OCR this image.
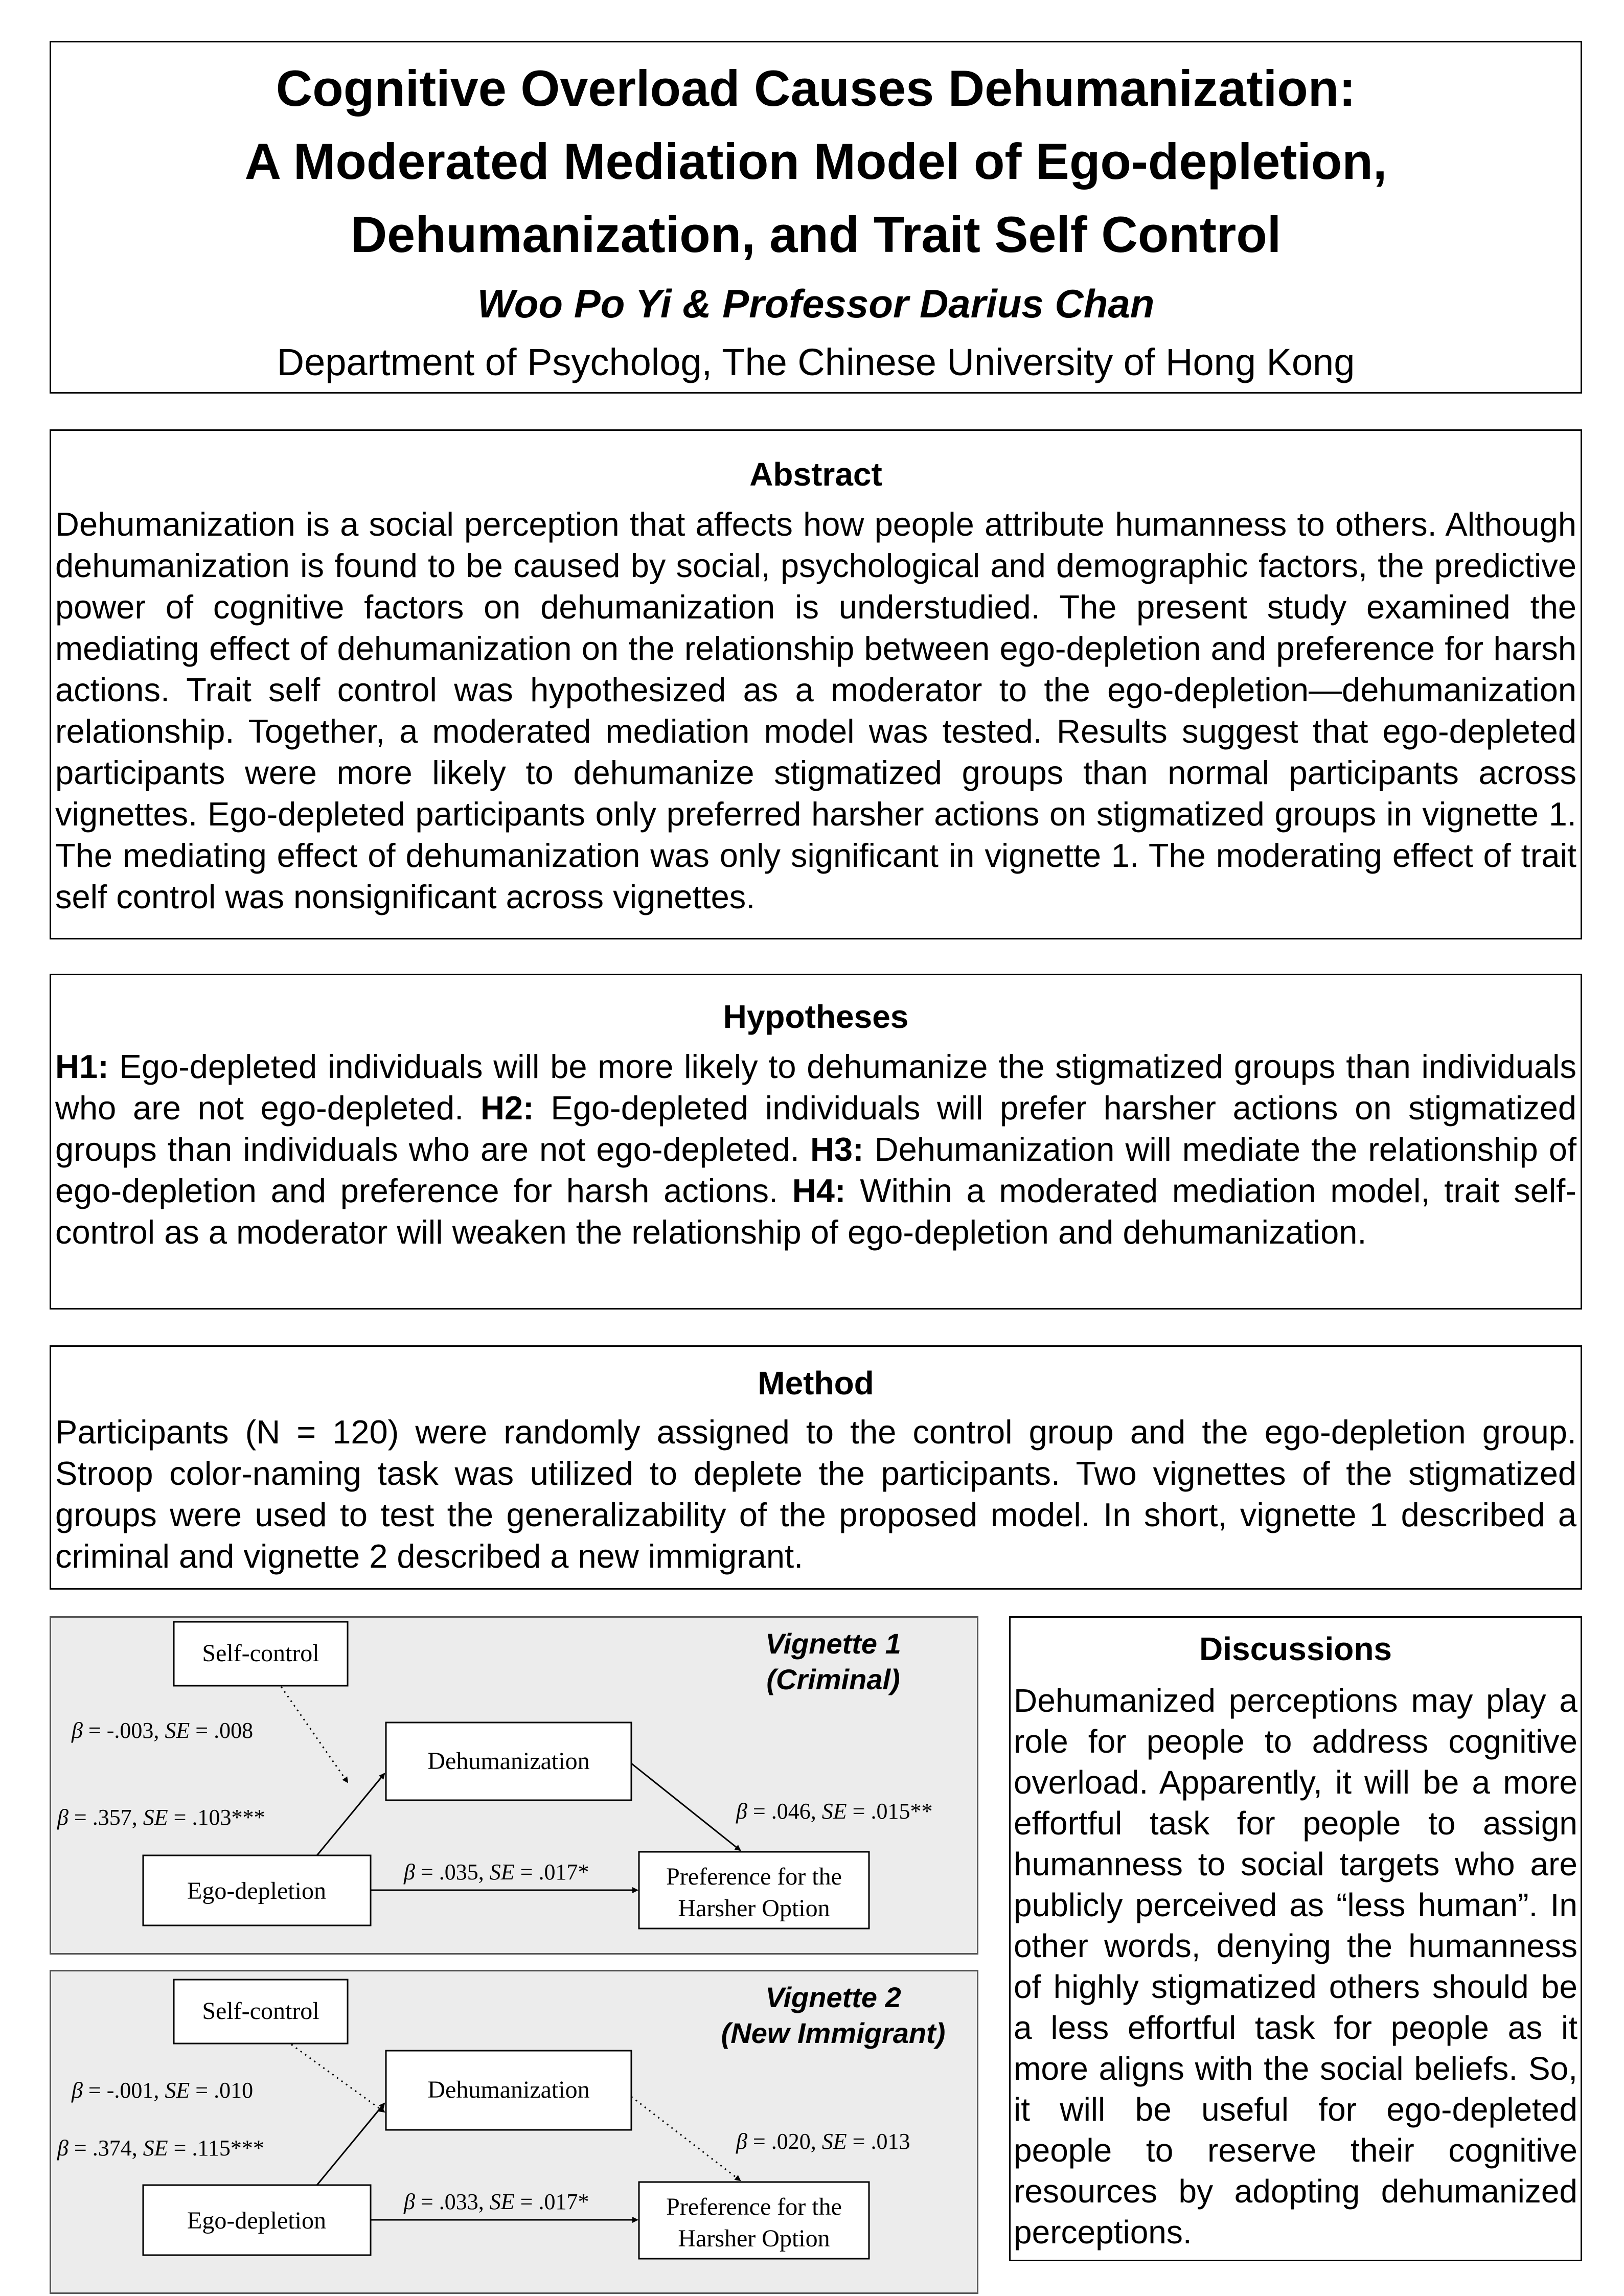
Cognitive Overload Causes Dehumanization:
A Moderated Mediation Model of Ego-depletion,
Dehumanization, and Trait Self Control
Woo Po Yi & Professor Darius Chan
Department of Psycholog, The Chinese University of Hong Kong
Abstract
Dehumanization is a social perception that affects how people attribute humanness to others. Although dehumanization is found to be caused by social, psychological and demographic factors, the predictive power of cognitive factors on dehumanization is understudied. The present study examined the mediating effect of dehumanization on the relationship between ego-depletion and preference for harsh actions. Trait self control was hypothesized as a moderator to the ego-depletion—dehumanization relationship. Together, a moderated mediation model was tested. Results suggest that ego-depleted participants were more likely to dehumanize stigmatized groups than normal participants across vignettes. Ego-depleted participants only preferred harsher actions on stigmatized groups in vignette 1. The mediating effect of dehumanization was only significant in vignette 1. The moderating effect of trait self control was nonsignificant across vignettes.
Hypotheses
H1: Ego-depleted individuals will be more likely to dehumanize the stigmatized groups than individuals who are not ego-depleted. H2: Ego-depleted individuals will prefer harsher actions on stigmatized groups than individuals who are not ego-depleted. H3: Dehumanization will mediate the relationship of ego-depletion and preference for harsh actions. H4: Within a moderated mediation model, trait self-control as a moderator will weaken the relationship of ego-depletion and dehumanization.
Method
Participants (N = 120) were randomly assigned to the control group and the ego-depletion group. Stroop color-naming task was utilized to deplete the participants. Two vignettes of the stigmatized groups were used to test the generalizability of the proposed model. In short, vignette 1 described a criminal and vignette 2 described a new immigrant.
Vignette 1
(Criminal)
Self-control
Dehumanization
Ego-depletion
Preference for the
Harsher Option
β = -.003, SE = .008
β = .357, SE = .103***	β = .046, SE = .015**
β = .035, SE = .017*
Vignette 2
(New Immigrant)
Self-control
Dehumanization
Ego-depletion
Preference for the
Harsher Option
β = -.001, SE = .010
β = .374, SE = .115***	β = .020, SE = .013
β = .033, SE = .017*
Discussions
Dehumanized perceptions may play a role for people to address cognitive overload. Apparently, it will be a more effortful task for people to assign humanness to social targets who are publicly perceived as “less human”. In other words, denying the humanness of highly stigmatized others should be a less effortful task for people as it more aligns with the social beliefs. So, it will be useful for ego-depleted people to reserve their cognitive resources by adopting dehumanized perceptions.
